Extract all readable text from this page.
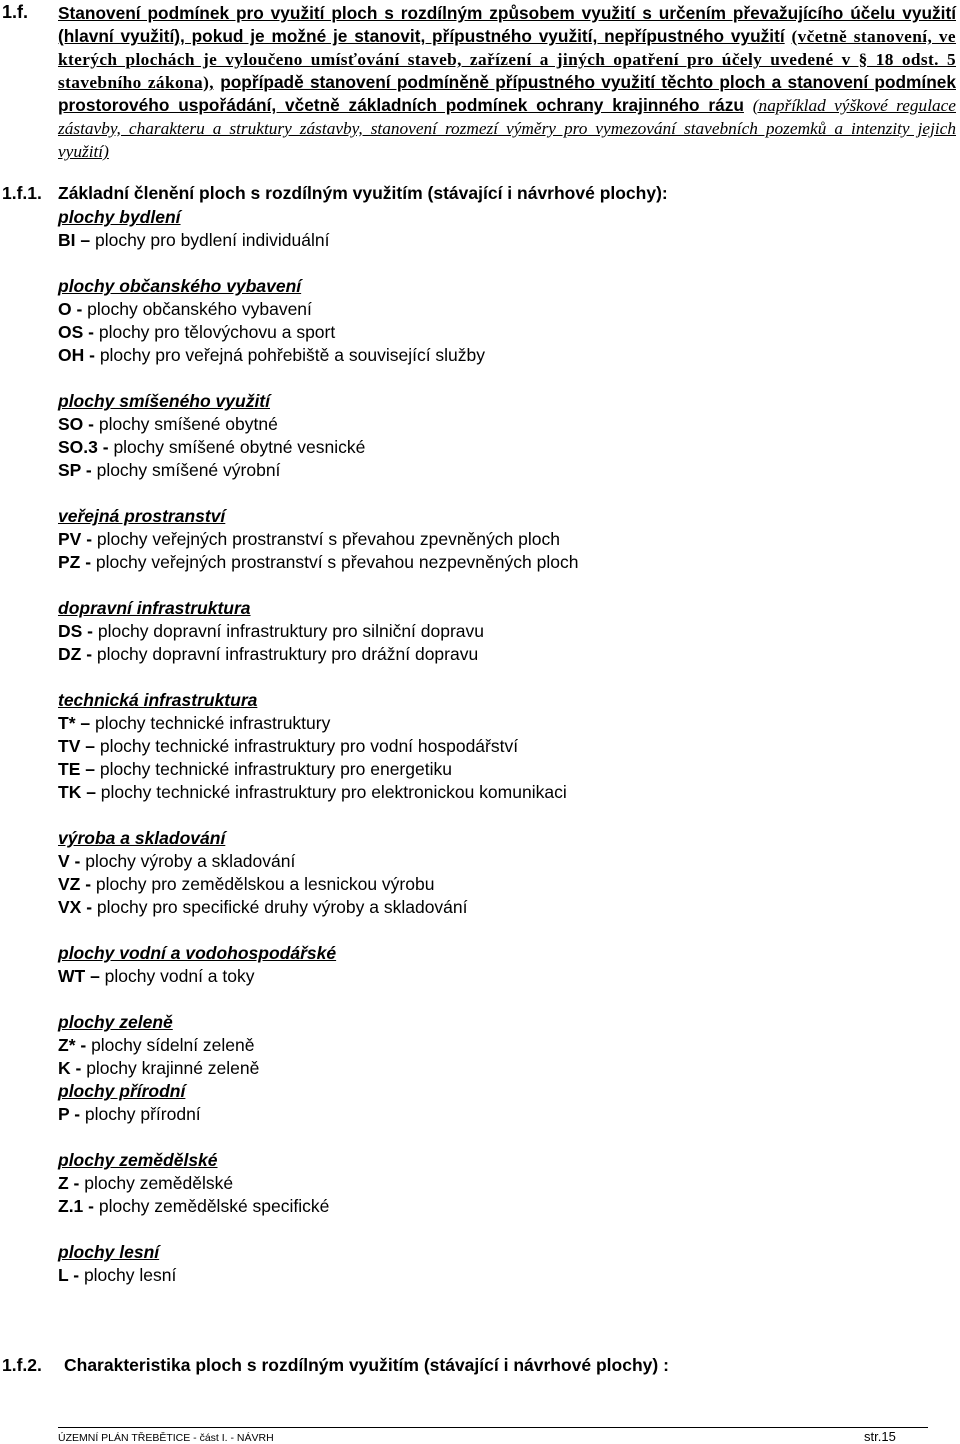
1.f. Stanovení podmínek pro využití ploch s rozdílným způsobem využití s určením převažujícího účelu využití (hlavní využití), pokud je možné je stanovit, přípustného využití, nepřípustného využití (včetně stanovení, ve kterých plochách je vyloučeno umísťování staveb, zařízení a jiných opatření pro účely uvedené v § 18 odst. 5 stavebního zákona), popřípadě stanovení podmíněně přípustného využití těchto ploch a stanovení podmínek prostorového uspořádání, včetně základních podmínek ochrany krajinného rázu (například výškové regulace zástavby, charakteru a struktury zástavby, stanovení rozmezí výměry pro vymezování stavebních pozemků a intenzity jejich využití)
1.f.1. Základní členění ploch s rozdílným využitím (stávající i návrhové plochy):
plochy bydlení
BI – plochy pro bydlení individuální
plochy občanského vybavení
O - plochy občanského vybavení
OS - plochy pro tělovýchovu a sport
OH - plochy pro veřejná pohřebiště a související služby
plochy smíšeného využití
SO - plochy smíšené obytné
SO.3 - plochy smíšené obytné vesnické
SP - plochy smíšené výrobní
veřejná prostranství
PV - plochy veřejných prostranství s převahou zpevněných ploch
PZ - plochy veřejných prostranství s převahou nezpevněných ploch
dopravní infrastruktura
DS - plochy dopravní infrastruktury pro silniční dopravu
DZ - plochy dopravní infrastruktury pro drážní dopravu
technická infrastruktura
T* – plochy technické infrastruktury
TV – plochy technické infrastruktury pro vodní hospodářství
TE – plochy technické infrastruktury pro energetiku
TK – plochy technické infrastruktury pro elektronickou komunikaci
výroba a skladování
V - plochy výroby a skladování
VZ - plochy pro zemědělskou a lesnickou výrobu
VX - plochy pro specifické druhy výroby a skladování
plochy vodní a vodohospodářské
WT – plochy vodní a toky
plochy zeleně
Z* - plochy sídelní zeleně
K - plochy krajinné zeleně
plochy přírodní
P - plochy přírodní
plochy zemědělské
Z - plochy zemědělské
Z.1 - plochy zemědělské specifické
plochy lesní
L - plochy lesní
1.f.2. Charakteristika ploch s rozdílným využitím (stávající i návrhové plochy) :
ÚZEMNÍ PLÁN TŘEBĚTICE - část I. - NÁVRH	str.15
